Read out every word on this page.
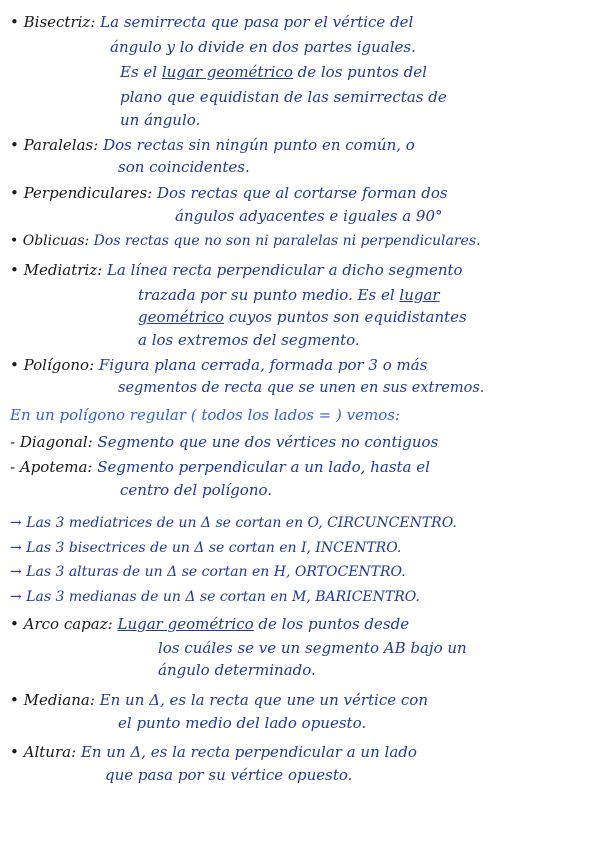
• Bisectriz: La semirrecta que pasa por el vértice del
ángulo y lo divide en dos partes iguales.
Es el lugar geométrico de los puntos del
plano que equidistan de las semirrectas de
un ángulo.
• Paralelas: Dos rectas sin ningún punto en común, o
son coincidentes.
• Perpendiculares: Dos rectas que al cortarse forman dos
ángulos adyacentes e iguales a 90°
• Oblicuas: Dos rectas que no son ni paralelas ni perpendiculares.
• Mediatriz: La línea recta perpendicular a dicho segmento
trazada por su punto medio. Es el lugar
geométrico cuyos puntos son equidistantes
a los extremos del segmento.
• Polígono: Figura plana cerrada, formada por 3 o más
segmentos de recta que se unen en sus extremos.
En un polígono regular ( todos los lados = ) vemos:
- Diagonal: Segmento que une dos vértices no contiguos
- Apotema: Segmento perpendicular a un lado, hasta el
centro del polígono.
→ Las 3 mediatrices de un Δ se cortan en O, CIRCUNCENTRO.
→ Las 3 bisectrices de un Δ se cortan en I, INCENTRO.
→ Las 3 alturas de un Δ se cortan en H, ORTOCENTRO.
→ Las 3 medianas de un Δ se cortan en M, BARICENTRO.
• Arco capaz: Lugar geométrico de los puntos desde
los cuáles se ve un segmento AB bajo un
ángulo determinado.
• Mediana: En un Δ, es la recta que une un vértice con
el punto medio del lado opuesto.
• Altura: En un Δ, es la recta perpendicular a un lado
que pasa por su vértice opuesto.
